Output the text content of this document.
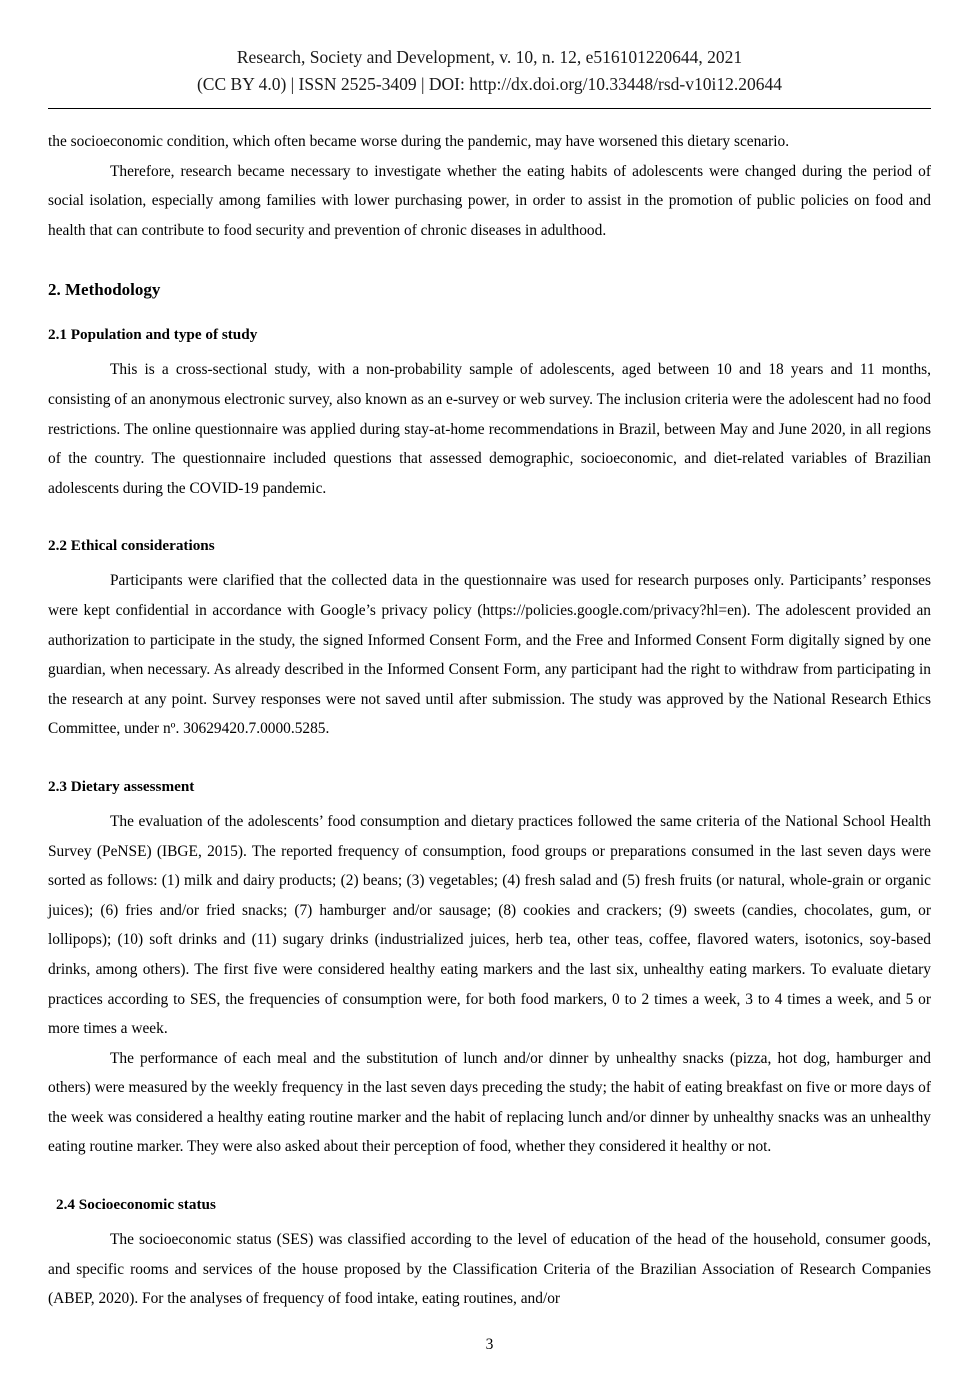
Research, Society and Development, v. 10, n. 12, e516101220644, 2021
(CC BY 4.0) | ISSN 2525-3409 | DOI: http://dx.doi.org/10.33448/rsd-v10i12.20644

the socioeconomic condition, which often became worse during the pandemic, may have worsened this dietary scenario.

Therefore, research became necessary to investigate whether the eating habits of adolescents were changed during the period of social isolation, especially among families with lower purchasing power, in order to assist in the promotion of public policies on food and health that can contribute to food security and prevention of chronic diseases in adulthood.

2. Methodology
2.1 Population and type of study

This is a cross-sectional study, with a non-probability sample of adolescents, aged between 10 and 18 years and 11 months, consisting of an anonymous electronic survey, also known as an e-survey or web survey. The inclusion criteria were the adolescent had no food restrictions. The online questionnaire was applied during stay-at-home recommendations in Brazil, between May and June 2020, in all regions of the country. The questionnaire included questions that assessed demographic, socioeconomic, and diet-related variables of Brazilian adolescents during the COVID-19 pandemic.

2.2 Ethical considerations

Participants were clarified that the collected data in the questionnaire was used for research purposes only. Participants’ responses were kept confidential in accordance with Google’s privacy policy (https://policies.google.com/privacy?hl=en). The adolescent provided an authorization to participate in the study, the signed Informed Consent Form, and the Free and Informed Consent Form digitally signed by one guardian, when necessary. As already described in the Informed Consent Form, any participant had the right to withdraw from participating in the research at any point. Survey responses were not saved until after submission. The study was approved by the National Research Ethics Committee, under nº. 30629420.7.0000.5285.

2.3 Dietary assessment

The evaluation of the adolescents’ food consumption and dietary practices followed the same criteria of the National School Health Survey (PeNSE) (IBGE, 2015). The reported frequency of consumption, food groups or preparations consumed in the last seven days were sorted as follows: (1) milk and dairy products; (2) beans; (3) vegetables; (4) fresh salad and (5) fresh fruits (or natural, whole-grain or organic juices); (6) fries and/or fried snacks; (7) hamburger and/or sausage; (8) cookies and crackers; (9) sweets (candies, chocolates, gum, or lollipops); (10) soft drinks and (11) sugary drinks (industrialized juices, herb tea, other teas, coffee, flavored waters, isotonics, soy-based drinks, among others). The first five were considered healthy eating markers and the last six, unhealthy eating markers. To evaluate dietary practices according to SES, the frequencies of consumption were, for both food markers, 0 to 2 times a week, 3 to 4 times a week, and 5 or more times a week.

The performance of each meal and the substitution of lunch and/or dinner by unhealthy snacks (pizza, hot dog, hamburger and others) were measured by the weekly frequency in the last seven days preceding the study; the habit of eating breakfast on five or more days of the week was considered a healthy eating routine marker and the habit of replacing lunch and/or dinner by unhealthy snacks was an unhealthy eating routine marker. They were also asked about their perception of food, whether they considered it healthy or not.

2.4 Socioeconomic status

The socioeconomic status (SES) was classified according to the level of education of the head of the household, consumer goods, and specific rooms and services of the house proposed by the Classification Criteria of the Brazilian Association of Research Companies (ABEP, 2020). For the analyses of frequency of food intake, eating routines, and/or

3
